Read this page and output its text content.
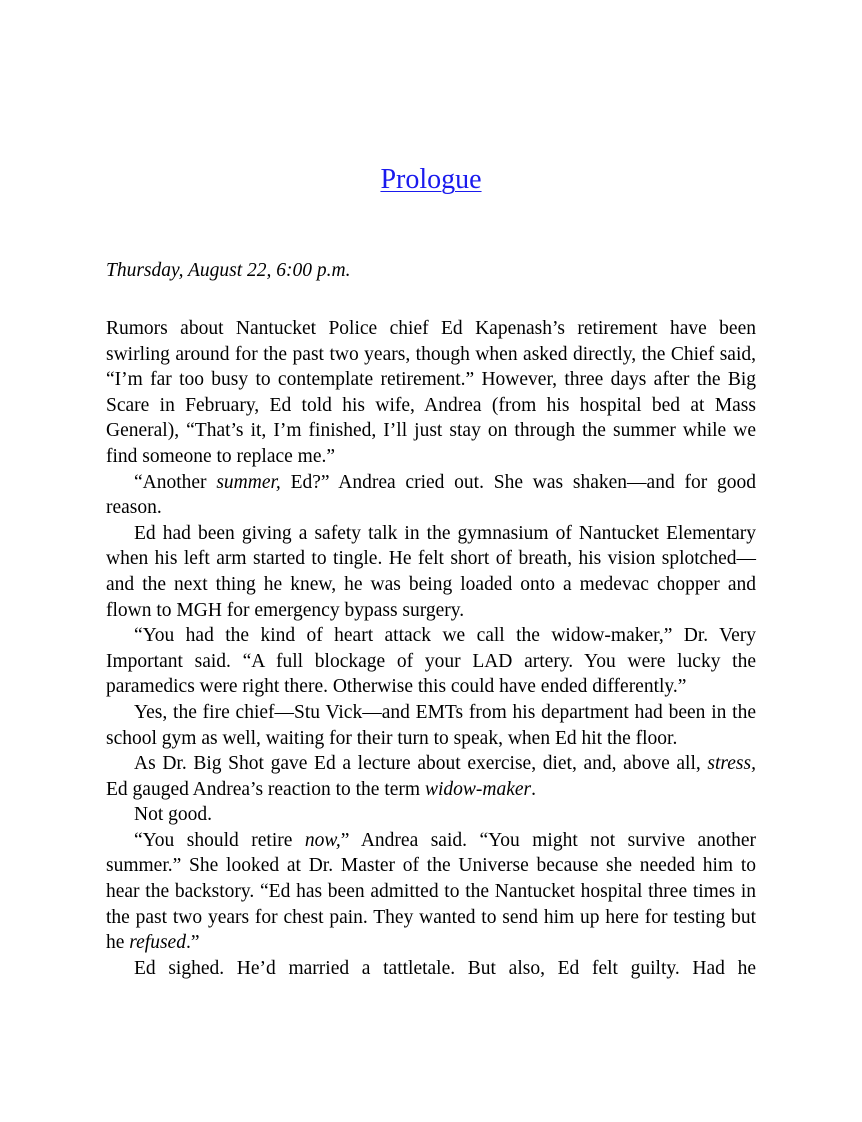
Prologue
Thursday, August 22, 6:00 p.m.

Rumors about Nantucket Police chief Ed Kapenash’s retirement have been swirling around for the past two years, though when asked directly, the Chief said, “I’m far too busy to contemplate retirement.” However, three days after the Big Scare in February, Ed told his wife, Andrea (from his hospital bed at Mass General), “That’s it, I’m finished, I’ll just stay on through the summer while we find someone to replace me.”

“Another summer, Ed?” Andrea cried out. She was shaken—and for good reason.

Ed had been giving a safety talk in the gymnasium of Nantucket Elementary when his left arm started to tingle. He felt short of breath, his vision splotched—and the next thing he knew, he was being loaded onto a medevac chopper and flown to MGH for emergency bypass surgery.

“You had the kind of heart attack we call the widow-maker,” Dr. Very Important said. “A full blockage of your LAD artery. You were lucky the paramedics were right there. Otherwise this could have ended differently.”

Yes, the fire chief—Stu Vick—and EMTs from his department had been in the school gym as well, waiting for their turn to speak, when Ed hit the floor.

As Dr. Big Shot gave Ed a lecture about exercise, diet, and, above all, stress, Ed gauged Andrea’s reaction to the term widow-maker.

Not good.

“You should retire now,” Andrea said. “You might not survive another summer.” She looked at Dr. Master of the Universe because she needed him to hear the backstory. “Ed has been admitted to the Nantucket hospital three times in the past two years for chest pain. They wanted to send him up here for testing but he refused.”

Ed sighed. He’d married a tattletale. But also, Ed felt guilty. Had he
